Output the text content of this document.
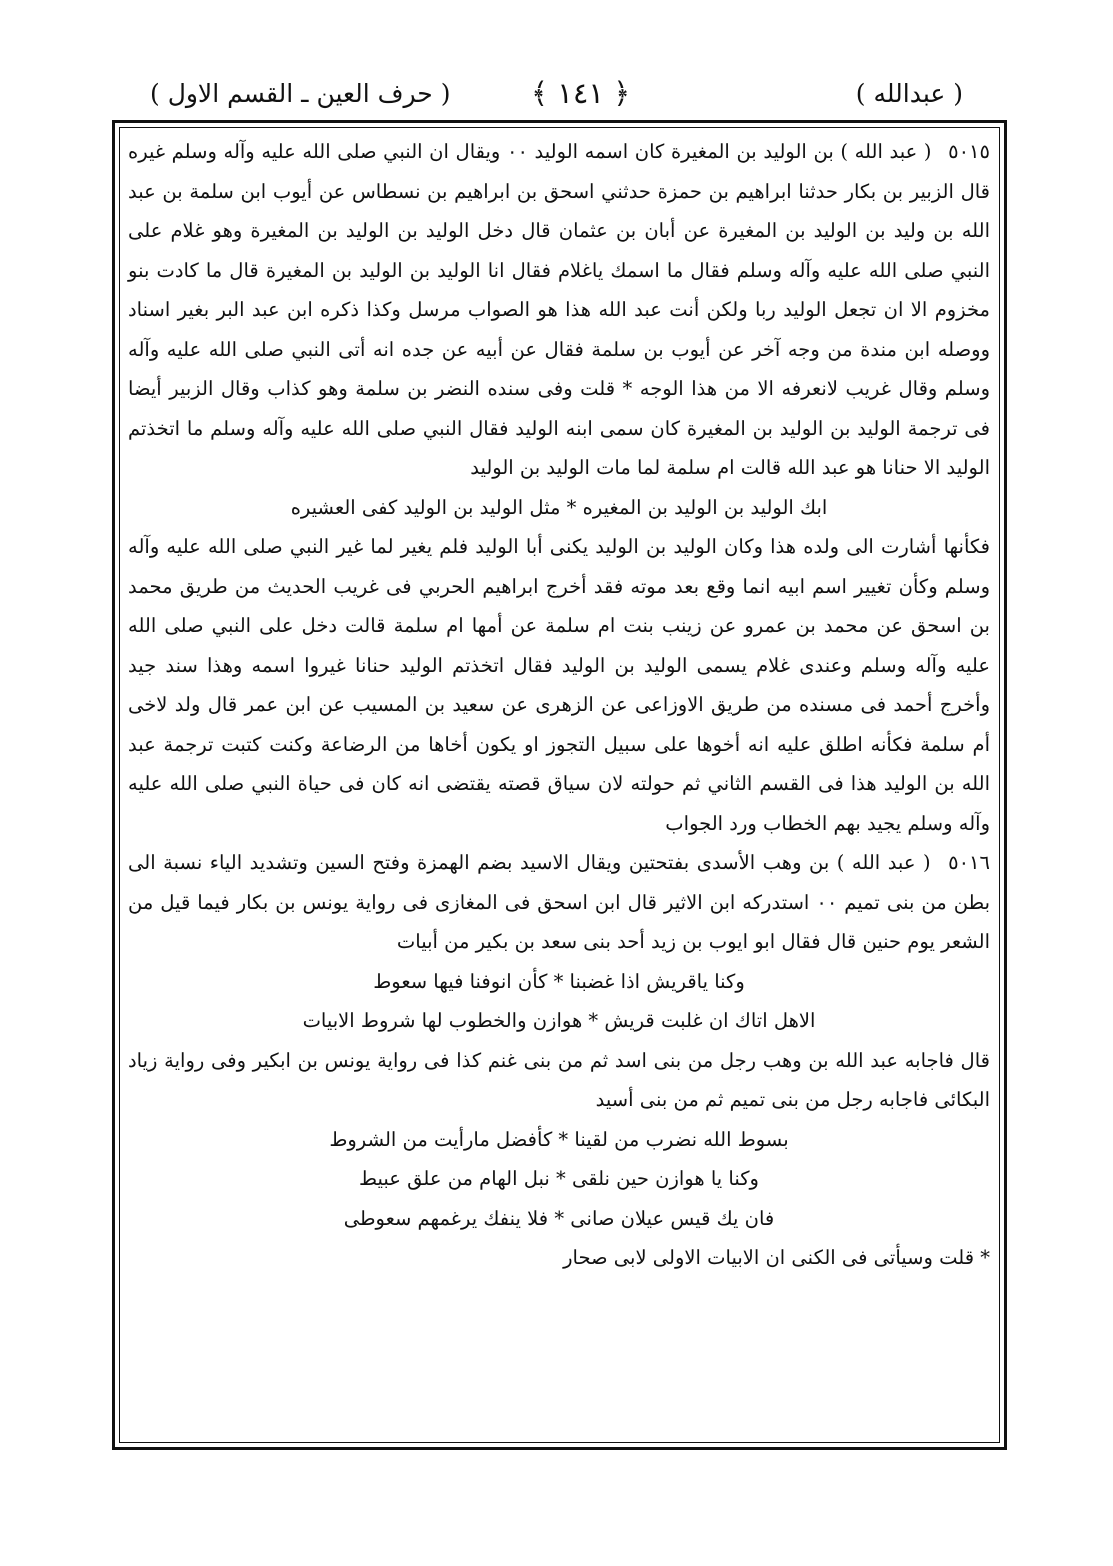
( حرف العين ـ القسم الاول )	﴿ ١٤١ ﴾	( عبدالله )

٥٠١٥ ( عبد الله ) بن الوليد بن المغيرة كان اسمه الوليد ٠٠ ويقال ان النبي صلى الله عليه وآله وسلم غيره قال الزبير بن بكار حدثنا ابراهيم بن حمزة حدثني اسحق بن ابراهيم بن نسطاس عن أيوب ابن سلمة بن عبد الله بن وليد بن الوليد بن المغيرة عن أبان بن عثمان قال دخل الوليد بن الوليد بن المغيرة وهو غلام على النبي صلى الله عليه وآله وسلم فقال ما اسمك ياغلام فقال انا الوليد بن الوليد بن المغيرة قال ما كادت بنو مخزوم الا ان تجعل الوليد ربا ولكن أنت عبد الله هذا هو الصواب مرسل وكذا ذكره ابن عبد البر بغير اسناد ووصله ابن مندة من وجه آخر عن أيوب بن سلمة فقال عن أبيه عن جده انه أتى النبي صلى الله عليه وآله وسلم وقال غريب لانعرفه الا من هذا الوجه * قلت وفى سنده النضر بن سلمة وهو كذاب وقال الزبير أيضا فى ترجمة الوليد بن الوليد بن المغيرة كان سمى ابنه الوليد فقال النبي صلى الله عليه وآله وسلم ما اتخذتم الوليد الا حنانا هو عبد الله قالت ام سلمة لما مات الوليد بن الوليد

ابك الوليد بن الوليد بن المغيره * مثل الوليد بن الوليد كفى العشيره

فكأنها أشارت الى ولده هذا وكان الوليد بن الوليد يكنى أبا الوليد فلم يغير لما غير النبي صلى الله عليه وآله وسلم وكأن تغيير اسم ابيه انما وقع بعد موته فقد أخرج ابراهيم الحربي فى غريب الحديث من طريق محمد بن اسحق عن محمد بن عمرو عن زينب بنت ام سلمة عن أمها ام سلمة قالت دخل على النبي صلى الله عليه وآله وسلم وعندى غلام يسمى الوليد بن الوليد فقال اتخذتم الوليد حنانا غيروا اسمه وهذا سند جيد وأخرج أحمد فى مسنده من طريق الاوزاعى عن الزهرى عن سعيد بن المسيب عن ابن عمر قال ولد لاخى أم سلمة فكأنه اطلق عليه انه أخوها على سبيل التجوز او يكون أخاها من الرضاعة وكنت كتبت ترجمة عبد الله بن الوليد هذا فى القسم الثاني ثم حولته لان سياق قصته يقتضى انه كان فى حياة النبي صلى الله عليه وآله وسلم يجيد بهم الخطاب ورد الجواب

٥٠١٦ ( عبد الله ) بن وهب الأسدى بفتحتين ويقال الاسيد بضم الهمزة وفتح السين وتشديد الياء نسبة الى بطن من بنى تميم ٠٠ استدركه ابن الاثير قال ابن اسحق فى المغازى فى رواية يونس بن بكار فيما قيل من الشعر يوم حنين قال فقال ابو ايوب بن زيد أحد بنى سعد بن بكير من أبيات

وكنا ياقريش اذا غضبنا * كأن انوفنا فيها سعوط

الاهل اتاك ان غلبت قريش * هوازن والخطوب لها شروط الابيات

قال فاجابه عبد الله بن وهب رجل من بنى اسد ثم من بنى غنم كذا فى رواية يونس بن ابكير وفى رواية زياد البكائى فاجابه رجل من بنى تميم ثم من بنى أسيد

بسوط الله نضرب من لقينا * كأفضل مارأيت من الشروط

وكنا يا هوازن حين نلقى * نبل الهام من علق عبيط

فان يك قيس عيلان صانى * فلا ينفك يرغمهم سعوطى

* قلت وسيأتى فى الكنى ان الابيات الاولى لابى صحار
